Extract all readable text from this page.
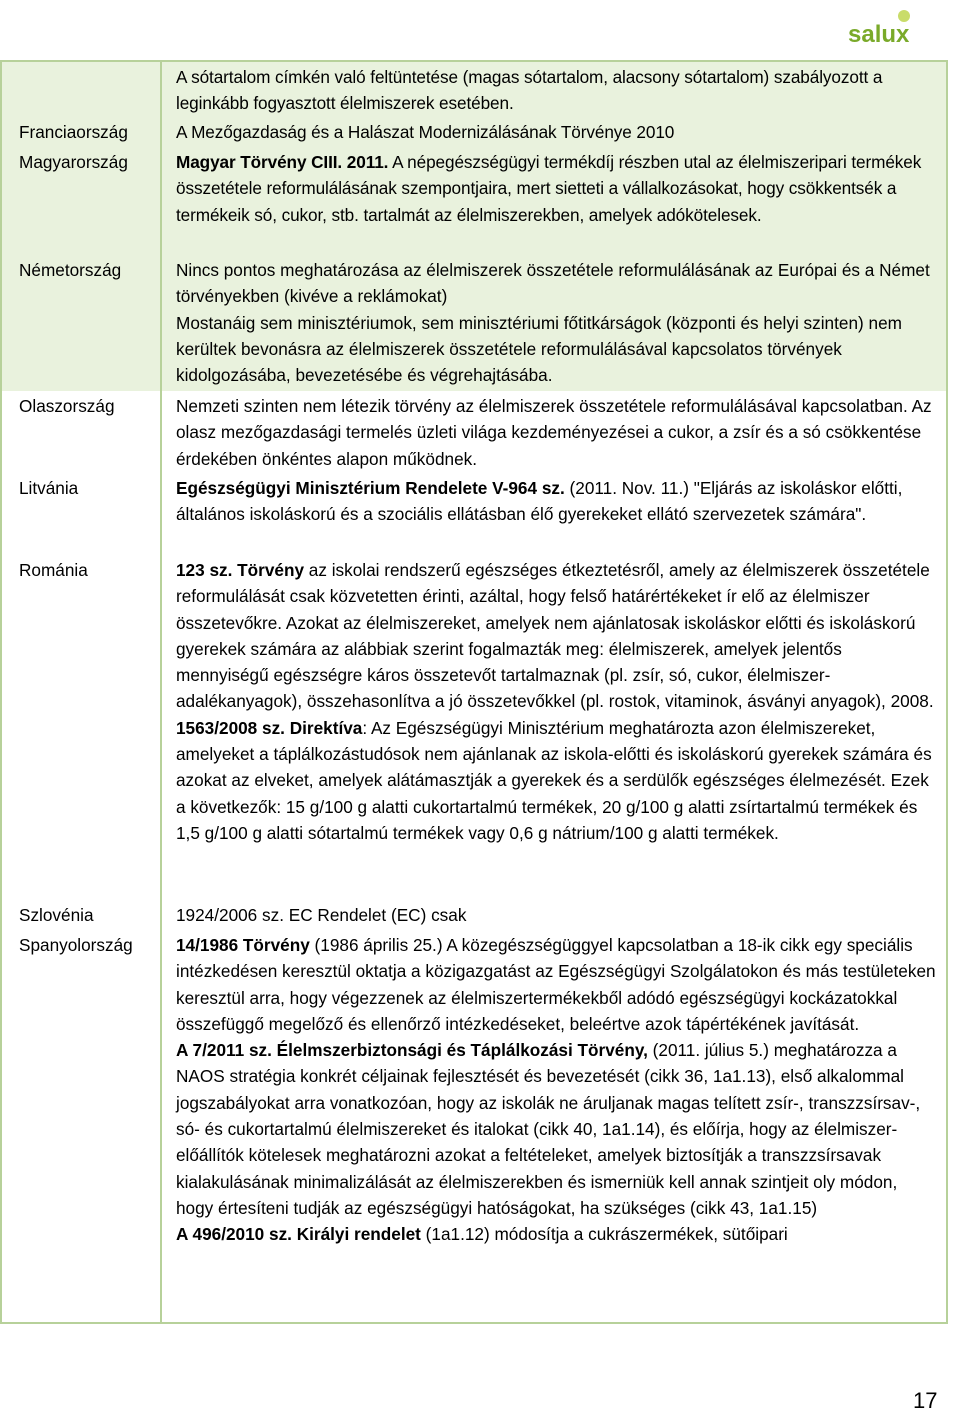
salux

A sótartalom címkén való feltüntetése (magas sótartalom, alacsony sótartalom) szabályozott a leginkább fogyasztott élelmiszerek esetében.

Franciaország	A Mezőgazdaság és a Halászat Modernizálásának Törvénye 2010

Magyarország	Magyar Törvény CIII. 2011. A népegészségügyi termékdíj részben utal az élelmiszeripari termékek összetétele reformulálásának szempontjaira, mert sietteti a vállalkozásokat, hogy csökkentsék a termékeik só, cukor, stb. tartalmát az élelmiszerekben, amelyek adókötelesek.

Németország	Nincs pontos meghatározása az élelmiszerek összetétele reformulálásának az Európai és a Német törvényekben (kivéve a reklámokat)

Mostanáig sem minisztériumok, sem minisztériumi főtitkárságok (központi és helyi szinten) nem kerültek bevonásra az élelmiszerek összetétele reformulálásával kapcsolatos törvények kidolgozásába, bevezetésébe és végrehajtásába.

Olaszország	Nemzeti szinten nem létezik törvény az élelmiszerek összetétele reformulálásával kapcsolatban. Az olasz mezőgazdasági termelés üzleti világa kezdeményezései a cukor, a zsír és a só csökkentése érdekében önkéntes alapon működnek.

Litvánia	Egészségügyi Minisztérium Rendelete V-964 sz. (2011. Nov. 11.) "Eljárás az iskoláskor előtti, általános iskoláskorú és a szociális ellátásban élő gyerekeket ellátó szervezetek számára".

Románia	123 sz. Törvény az iskolai rendszerű egészséges étkeztetésről, amely az élelmiszerek összetétele reformulálását csak közvetetten érinti, azáltal, hogy felső határértékeket ír elő az élelmiszer összetevőkre. Azokat az élelmiszereket, amelyek nem ajánlatosak iskoláskor előtti és iskoláskorú gyerekek számára az alábbiak szerint fogalmazták meg: élelmiszerek, amelyek jelentős mennyiségű egészségre káros összetevőt tartalmaznak (pl. zsír, só, cukor, élelmiszer-adalékanyagok), összehasonlítva a jó összetevőkkel (pl. rostok, vitaminok, ásványi anyagok), 2008.

1563/2008 sz. Direktíva: Az Egészségügyi Minisztérium meghatározta azon élelmiszereket, amelyeket a tápl​álkozástudósok nem ajánlanak az iskola-előtti és iskoláskorú gyerekek számára és azokat az elveket, amelyek alátámasztják a gyerekek és a serdülők egészséges élelmezését. Ezek a következők: 15 g/100 g alatti cukortartalmú termékek, 20 g/100 g alatti zsírtartalmú termékek és 1,5 g/100 g alatti sótartalmú termékek vagy 0,6 g nátrium/100 g alatti termékek.

Szlovénia	1924/2006 sz. EC Rendelet (EC) csak

Spanyolország	14/1986 Törvény (1986 április 25.) A közegészségüggyel kapcsolatban a 18-ik cikk egy speciális intézkedésen keresztül oktatja a közigazgatást az Egészségügyi Szolgálatokon és más testületeken keresztül arra, hogy végezzenek az élelmiszertermékekből adódó egészségügyi kockázatokkal összefüggő megelőző és ellenőrző intézkedéseket, beleértve azok tápértékének javítását.

A 7/2011 sz. Élelmszerbiztonsági és Táplálkozási Törvény, (2011. július 5.) meghatározza a NAOS stratégia konkrét céljainak fejlesztését és bevezetését (cikk 36, 1a1.13), első alkalommal jogszabályokat arra vonatkozóan, hogy az iskolák ne árul​janak magas telített zsír-, transzzsírsav-, só- és cukortartalmú élelmiszereket és italokat (cikk 40, 1a1.14), és előírja, hogy az élelmiszer-előállítók kötelesek meghatározni azokat a feltételeket, amelyek biztosítják a transzzsírsavak kialakulásának minimalizálását az élelmiszerekben és ismerniük kell annak szintjeit oly módon, hogy értesíteni tudják az egészségügyi hatóságokat, ha szükséges (cikk 43, 1a1.15)

A 496/2010 sz. Királyi rendelet (1a1.12) módosítja a cukrászermékek, sütőipari

17
